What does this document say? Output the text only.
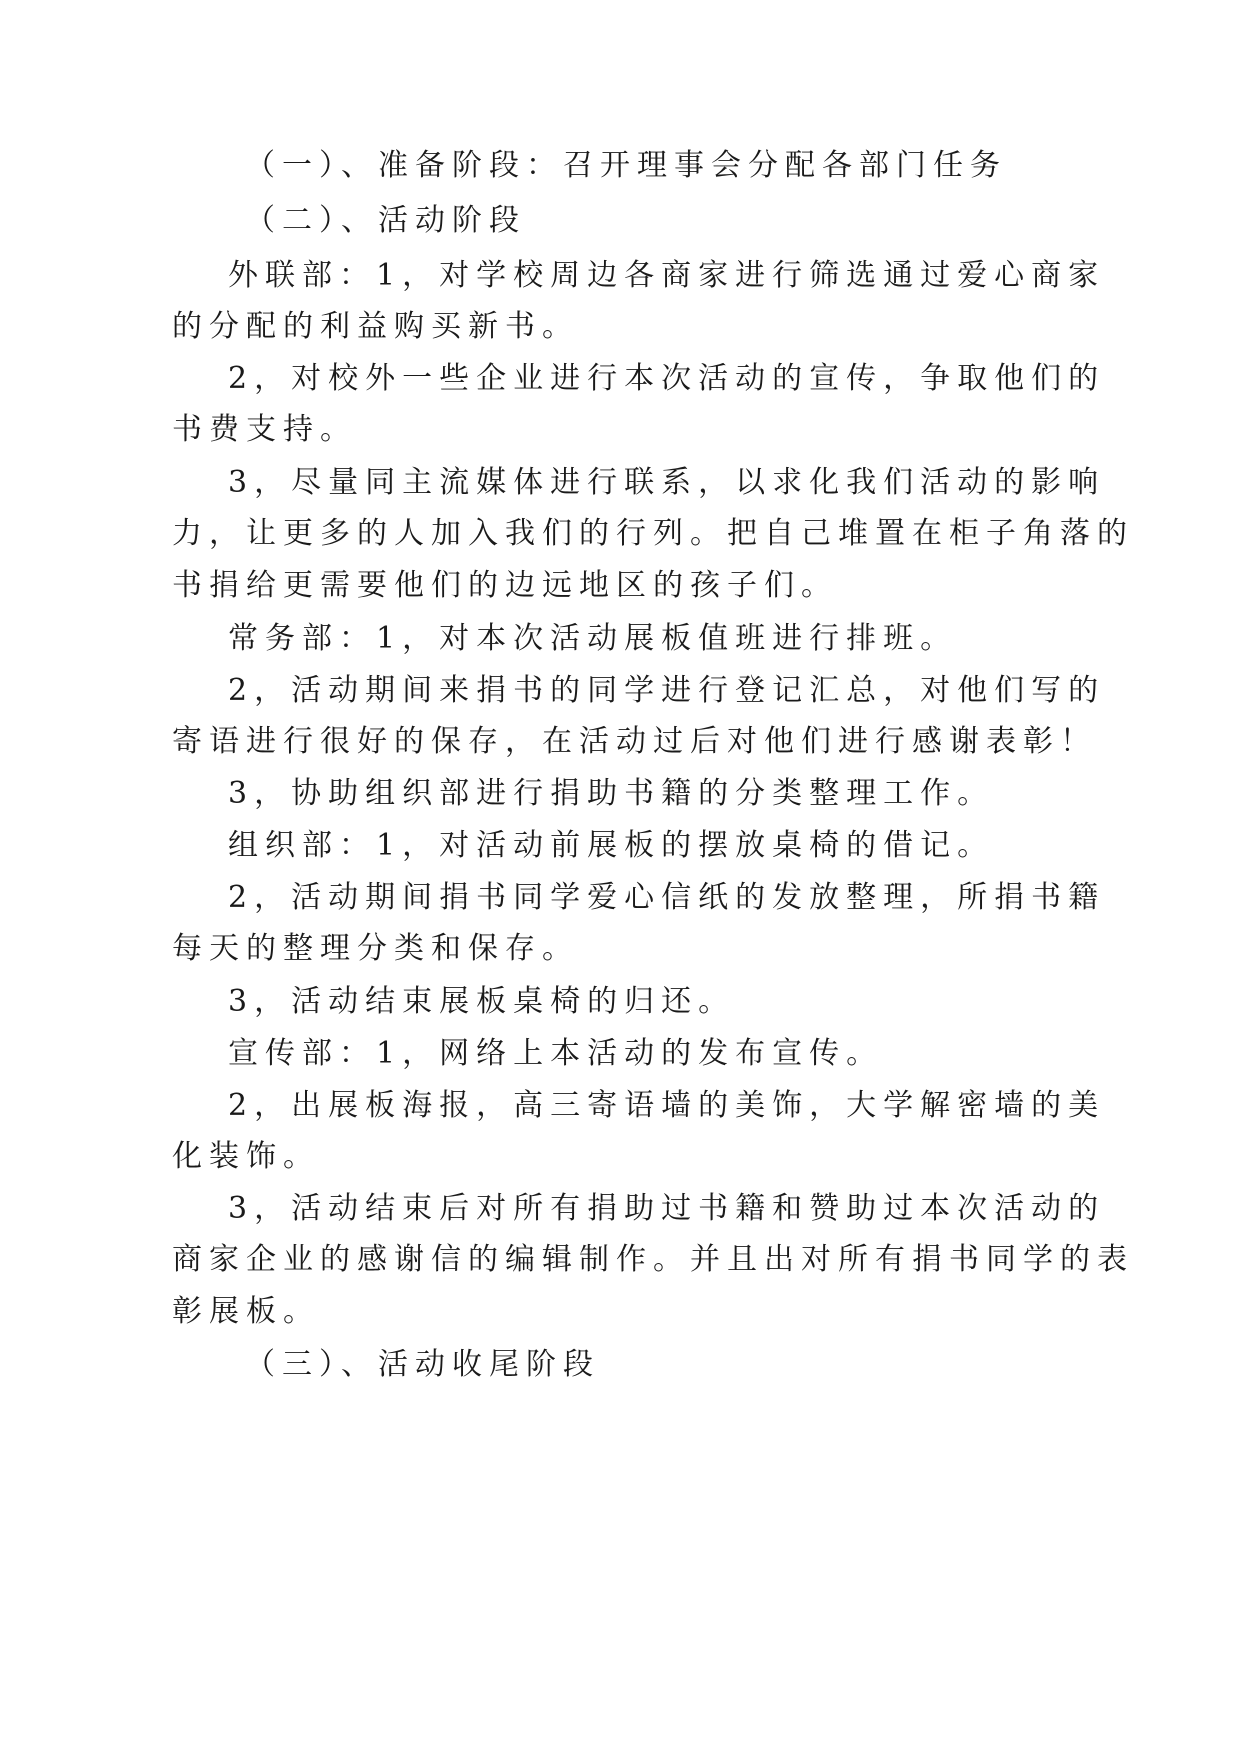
（一）、准备阶段：召开理事会分配各部门任务

（二）、活动阶段

外联部：1，对学校周边各商家进行筛选通过爱心商家

的分配的利益购买新书。

2，对校外一些企业进行本次活动的宣传，争取他们的

书费支持。

3，尽量同主流媒体进行联系，以求化我们活动的影响

力，让更多的人加入我们的行列。把自己堆置在柜子角落的

书捐给更需要他们的边远地区的孩子们。

常务部：1，对本次活动展板值班进行排班。

2，活动期间来捐书的同学进行登记汇总，对他们写的

寄语进行很好的保存，在活动过后对他们进行感谢表彰！

3，协助组织部进行捐助书籍的分类整理工作。

组织部：1，对活动前展板的摆放桌椅的借记。

2，活动期间捐书同学爱心信纸的发放整理，所捐书籍

每天的整理分类和保存。

3，活动结束展板桌椅的归还。

宣传部：1，网络上本活动的发布宣传。

2，出展板海报，高三寄语墙的美饰，大学解密墙的美

化装饰。

3，活动结束后对所有捐助过书籍和赞助过本次活动的

商家企业的感谢信的编辑制作。并且出对所有捐书同学的表

彰展板。

（三）、活动收尾阶段
